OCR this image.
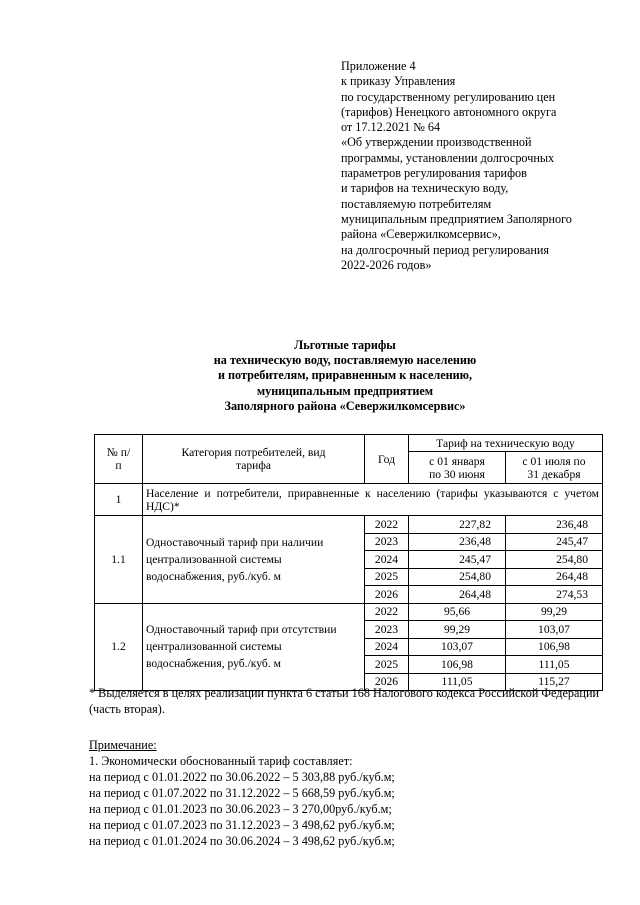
Приложение 4
к приказу Управления
по государственному регулированию цен
(тарифов) Ненецкого автономного округа
от 17.12.2021 № 64
«Об утверждении производственной
программы, установлении долгосрочных
параметров регулирования тарифов
и тарифов на техническую воду,
поставляемую потребителям
муниципальным предприятием Заполярного
района «Севержилкомсервис»,
на долгосрочный период регулирования
2022-2026 годов»
Льготные тарифы
на техническую воду, поставляемую населению
и потребителям, приравненным к населению,
муниципальным предприятием
Заполярного района «Севержилкомсервис»
№ п/п	Категория потребителей, вид тарифа	Год	Тариф на техническую воду	
			с 01 января по 30 июня	с 01 июля по 31 декабря
1	Население и потребители, приравненные к населению (тарифы указываются с учетом НДС)*			
1.1	Одноставочный тариф при наличии централизованной системы водоснабжения, руб./куб. м	2022	227,82	236,48
		2023	236,48	245,47
		2024	245,47	254,80
		2025	254,80	264,48
		2026	264,48	274,53
1.2	Одноставочный тариф при отсутствии централизованной системы водоснабжения, руб./куб. м	2022	95,66	99,29
		2023	99,29	103,07
		2024	103,07	106,98
		2025	106,98	111,05
		2026	111,05	115,27
* Выделяется в целях реализации пункта 6 статьи 168 Налогового кодекса Российской Федерации (часть вторая).
Примечание:
1. Экономически обоснованный тариф составляет:
на период с 01.01.2022 по 30.06.2022 – 5 303,88 руб./куб.м;
на период с 01.07.2022 по 31.12.2022 – 5 668,59 руб./куб.м;
на период с 01.01.2023 по 30.06.2023 – 3 270,00руб./куб.м;
на период с 01.07.2023 по 31.12.2023 – 3 498,62 руб./куб.м;
на период с 01.01.2024 по 30.06.2024 – 3 498,62 руб./куб.м;
